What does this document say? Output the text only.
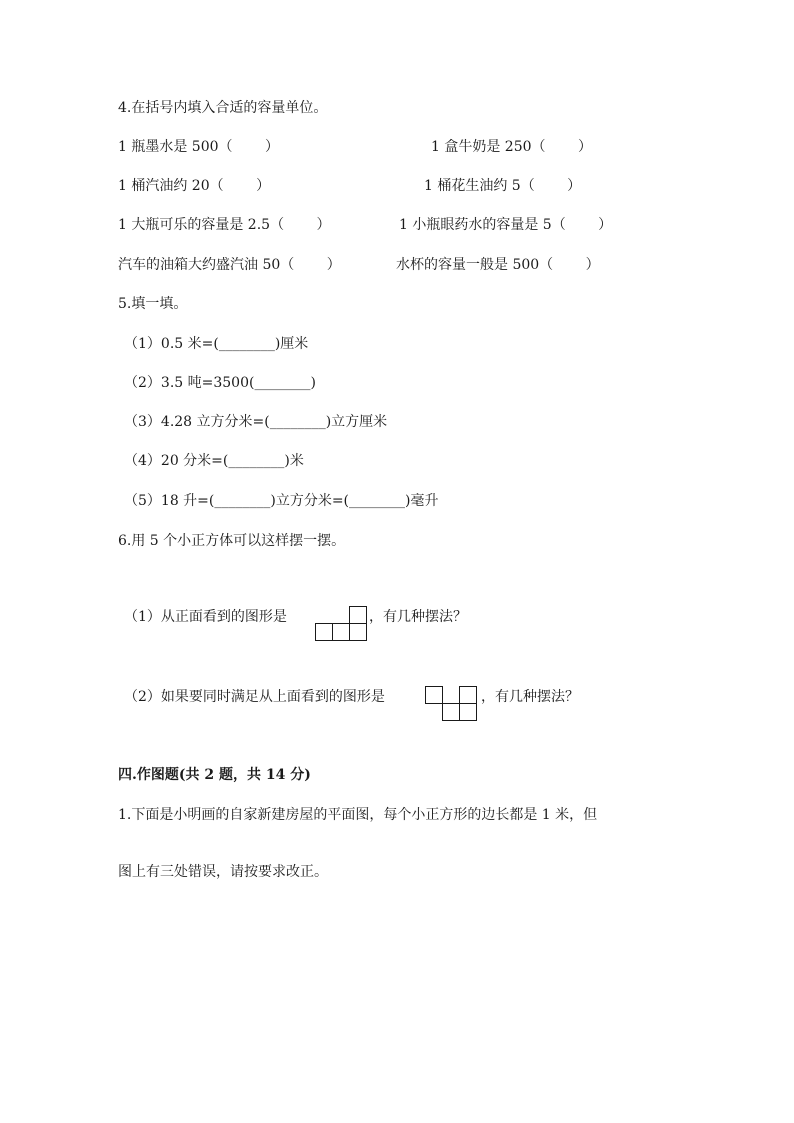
4.在括号内填入合适的容量单位。
1 瓶墨水是 500（　　 ）	1 盒牛奶是 250（　　 ）
1 桶汽油约 20（　　 ）	1 桶花生油约 5（　　 ）
1 大瓶可乐的容量是 2.5（　　 ）	1 小瓶眼药水的容量是 5（　　 ）
汽车的油箱大约盛汽油 50（　　 ）	水杯的容量一般是 500（　　 ）
5.填一填。
（1）0.5 米=(________)厘米
（2）3.5 吨=3500(________)
（3）4.28 立方分米=(________)立方厘米
（4）20 分米=(________)米
（5）18 升=(________)立方分米=(________)毫升
6.用 5 个小正方体可以这样摆一摆。
（1）从正面看到的图形是	，有几种摆法？
（2）如果要同时满足从上面看到的图形是	，有几种摆法？
四.作图题(共 2 题，共 14 分)
1.下面是小明画的自家新建房屋的平面图，每个小正方形的边长都是 1 米，但
图上有三处错误，请按要求改正。
